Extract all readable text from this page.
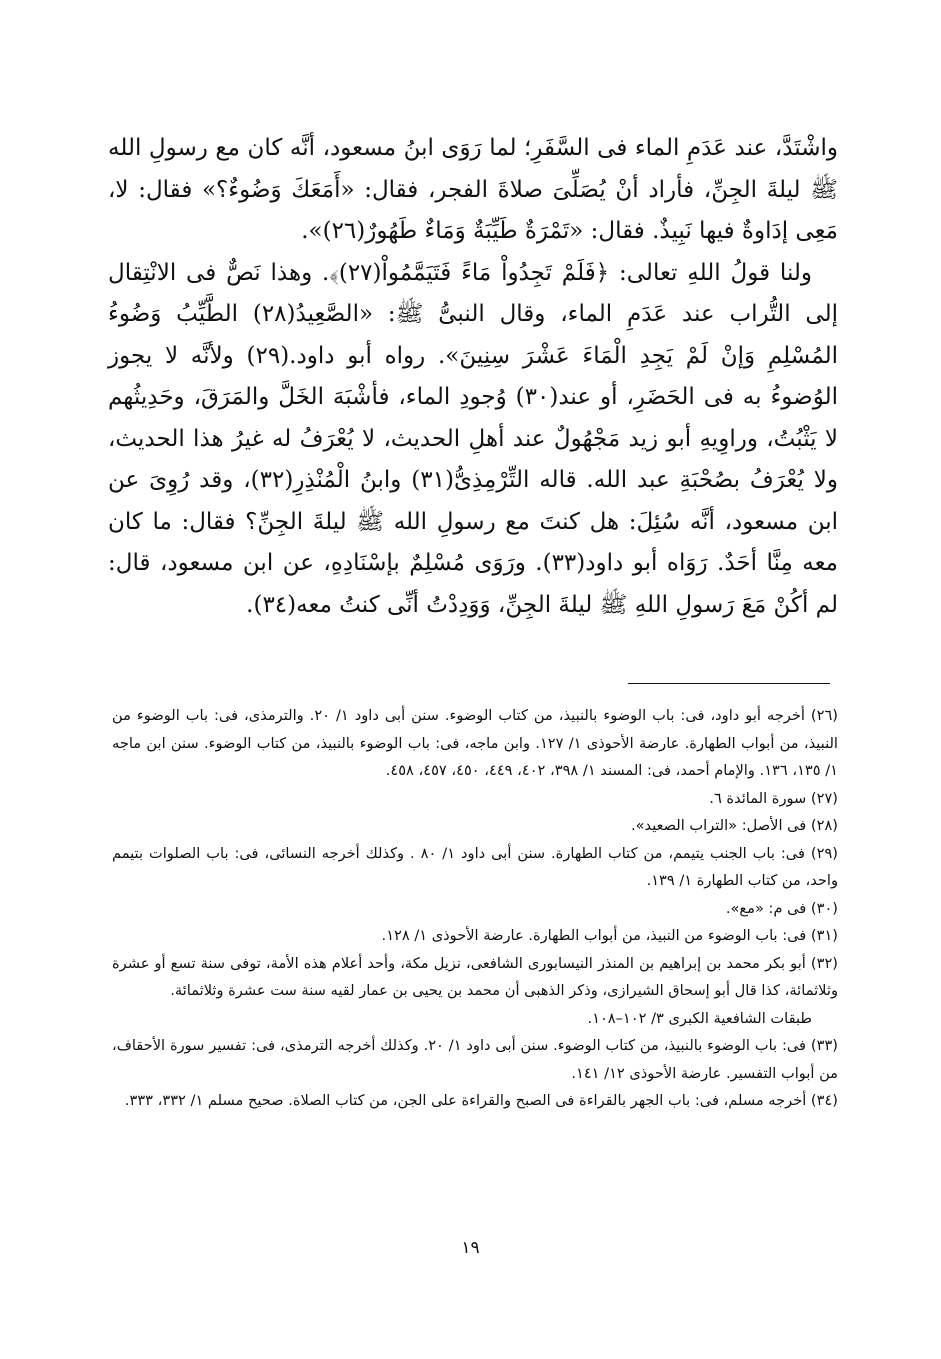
واشْتَدَّ، عند عَدَمِ الماء فى السَّفَرِ؛ لما رَوَى ابنُ مسعود، أنَّه كان مع رسولِ الله ﷺ ليلةَ الجِنِّ، فأراد أنْ يُصَلِّىَ صلاةَ الفجر، فقال: «أَمَعَكَ وَضُوءٌ؟» فقال: لا، مَعِى إدَاوةٌ فيها نَبِيذٌ. فقال: «تَمْرَةٌ طَيِّبَةٌ وَمَاءٌ طَهُورٌ(٢٦)».

ولنا قولُ اللهِ تعالى: ﴿فَلَمْ تَجِدُواْ مَاءً فَتَيَمَّمُواْ(٢٧)﴾. وهذا نَصٌّ فى الانْتِقال إلى التُّراب عند عَدَمِ الماء، وقال النبىُّ ﷺ: «الصَّعِيدُ(٢٨) الطَّيِّبُ وَضُوءُ المُسْلِمِ وَإنْ لَمْ يَجِدِ الْمَاءَ عَشْرَ سِنِينَ». رواه أبو داود.(٢٩) ولأنَّه لا يجوز الوُضوءُ به فى الحَضَرِ، أو عند(٣٠) وُجودِ الماء، فأشْبَهَ الخَلَّ والمَرَقَ، وحَدِيثُهم لا يَثْبُتُ، وراوِيهِ أبو زيد مَجْهُولٌ عند أهلِ الحديث، لا يُعْرَفُ له غيرُ هذا الحديث، ولا يُعْرَفُ بصُحْبَةِ عبد الله. قاله التِّرْمِذِىُّ(٣١) وابنُ الْمُنْذِرِ(٣٢)، وقد رُوِىَ عن ابن مسعود، أنَّه سُئِلَ: هل كنتَ مع رسولِ الله ﷺ ليلةَ الجِنِّ؟ فقال: ما كان معه مِنَّا أحَدٌ. رَوَاه أبو داود(٣٣). ورَوَى مُسْلِمٌ بإسْنَادِهِ، عن ابن مسعود، قال: لم أكُنْ مَعَ رَسولِ اللهِ ﷺ ليلةَ الجِنِّ، وَوَدِدْتُ أنِّى كنتُ معه(٣٤).

(٢٦) أخرجه أبو داود، فى: باب الوضوء بالنبيذ، من كتاب الوضوء. سنن أبى داود ١/ ٢٠. والترمذى، فى: باب الوضوء من النبيذ، من أبواب الطهارة. عارضة الأحوذى ١/ ١٢٧. وابن ماجه، فى: باب الوضوء بالنبيذ، من كتاب الوضوء. سنن ابن ماجه ١/ ١٣٥، ١٣٦. والإمام أحمد، فى: المسند ١/ ٣٩٨، ٤٠٢، ٤٤٩، ٤٥٠، ٤٥٧، ٤٥٨.

(٢٧) سورة المائدة ٦.

(٢٨) فى الأصل: «التراب الصعيد».

(٢٩) فى: باب الجنب يتيمم، من كتاب الطهارة. سنن أبى داود ١/ ٨٠ . وكذلك أخرجه النسائى، فى: باب الصلوات بتيمم واحد، من كتاب الطهارة ١/ ١٣٩.

(٣٠) فى م: «مع».

(٣١) فى: باب الوضوء من النبيذ، من أبواب الطهارة. عارضة الأحوذى ١/ ١٢٨.

(٣٢) أبو بكر محمد بن إبراهيم بن المنذر النيسابورى الشافعى، نزيل مكة، وأحد أعلام هذه الأمة، توفى سنة تسع أو عشرة وثلاثمائة، كذا قال أبو إسحاق الشيرازى، وذكر الذهبى أن محمد بن يحيى بن عمار لقيه سنة ست عشرة وثلاثمائة.

طبقات الشافعية الكبرى ٣/ ١٠٢–١٠٨.

(٣٣) فى: باب الوضوء بالنبيذ، من كتاب الوضوء. سنن أبى داود ١/ ٢٠. وكذلك أخرجه الترمذى، فى: تفسير سورة الأحقاف، من أبواب التفسير. عارضة الأحوذى ١٢/ ١٤١.

(٣٤) أخرجه مسلم، فى: باب الجهر بالقراءة فى الصبح والقراءة على الجن، من كتاب الصلاة. صحيح مسلم ١/ ٣٣٢، ٣٣٣.

١٩
